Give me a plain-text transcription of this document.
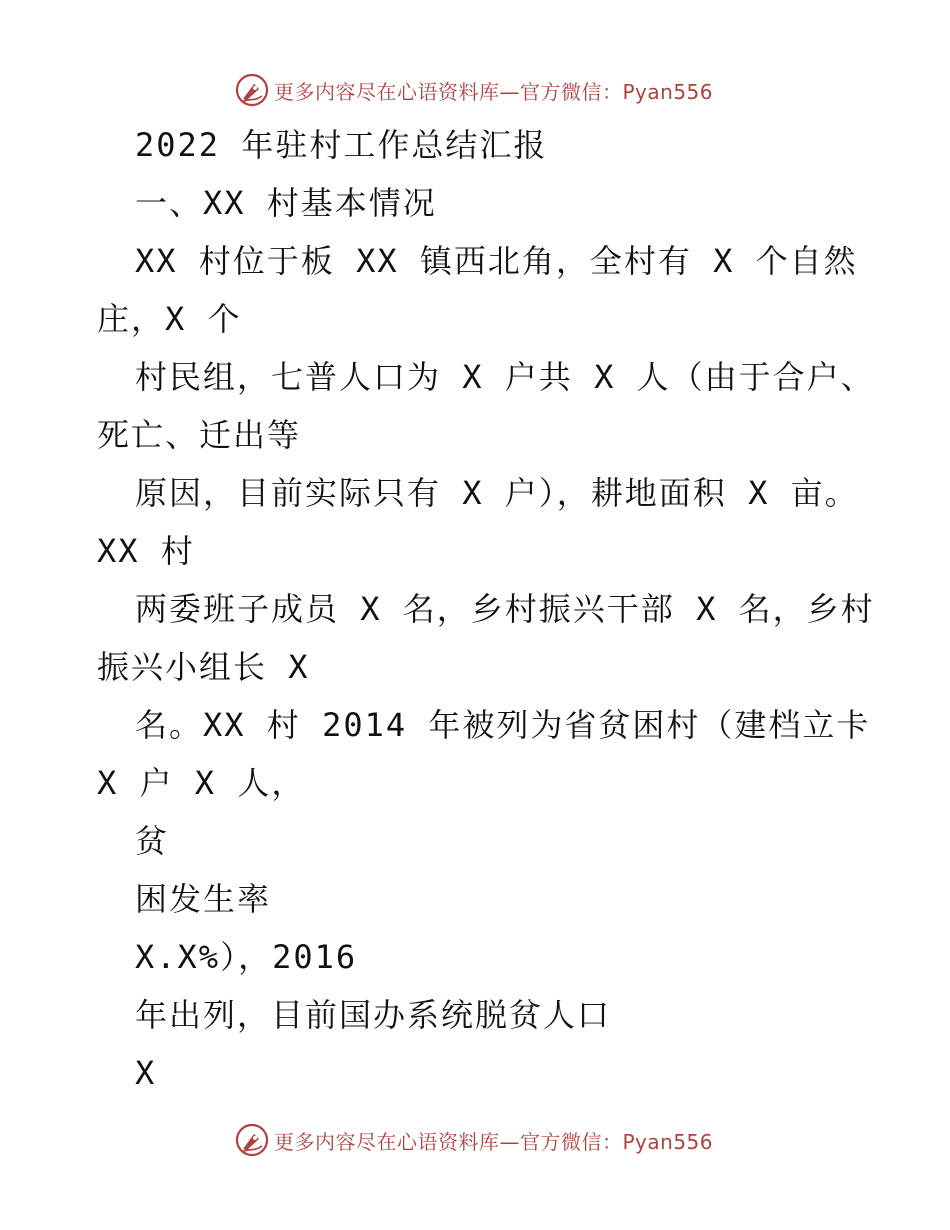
更多内容尽在心语资料库—官方微信：Pyan556
2022 年驻村工作总结汇报
一、XX 村基本情况
XX 村位于板 XX 镇西北角，全村有 X 个自然
庄，X 个
村民组，七普人口为 X 户共 X 人（由于合户、
死亡、迁出等
原因，目前实际只有 X 户），耕地面积 X 亩。
XX 村
两委班子成员 X 名，乡村振兴干部 X 名，乡村
振兴小组长 X
名。XX 村 2014 年被列为省贫困村（建档立卡
X 户 X 人，
贫
困发生率
X.X%），2016
年出列，目前国办系统脱贫人口
X
更多内容尽在心语资料库—官方微信：Pyan556
